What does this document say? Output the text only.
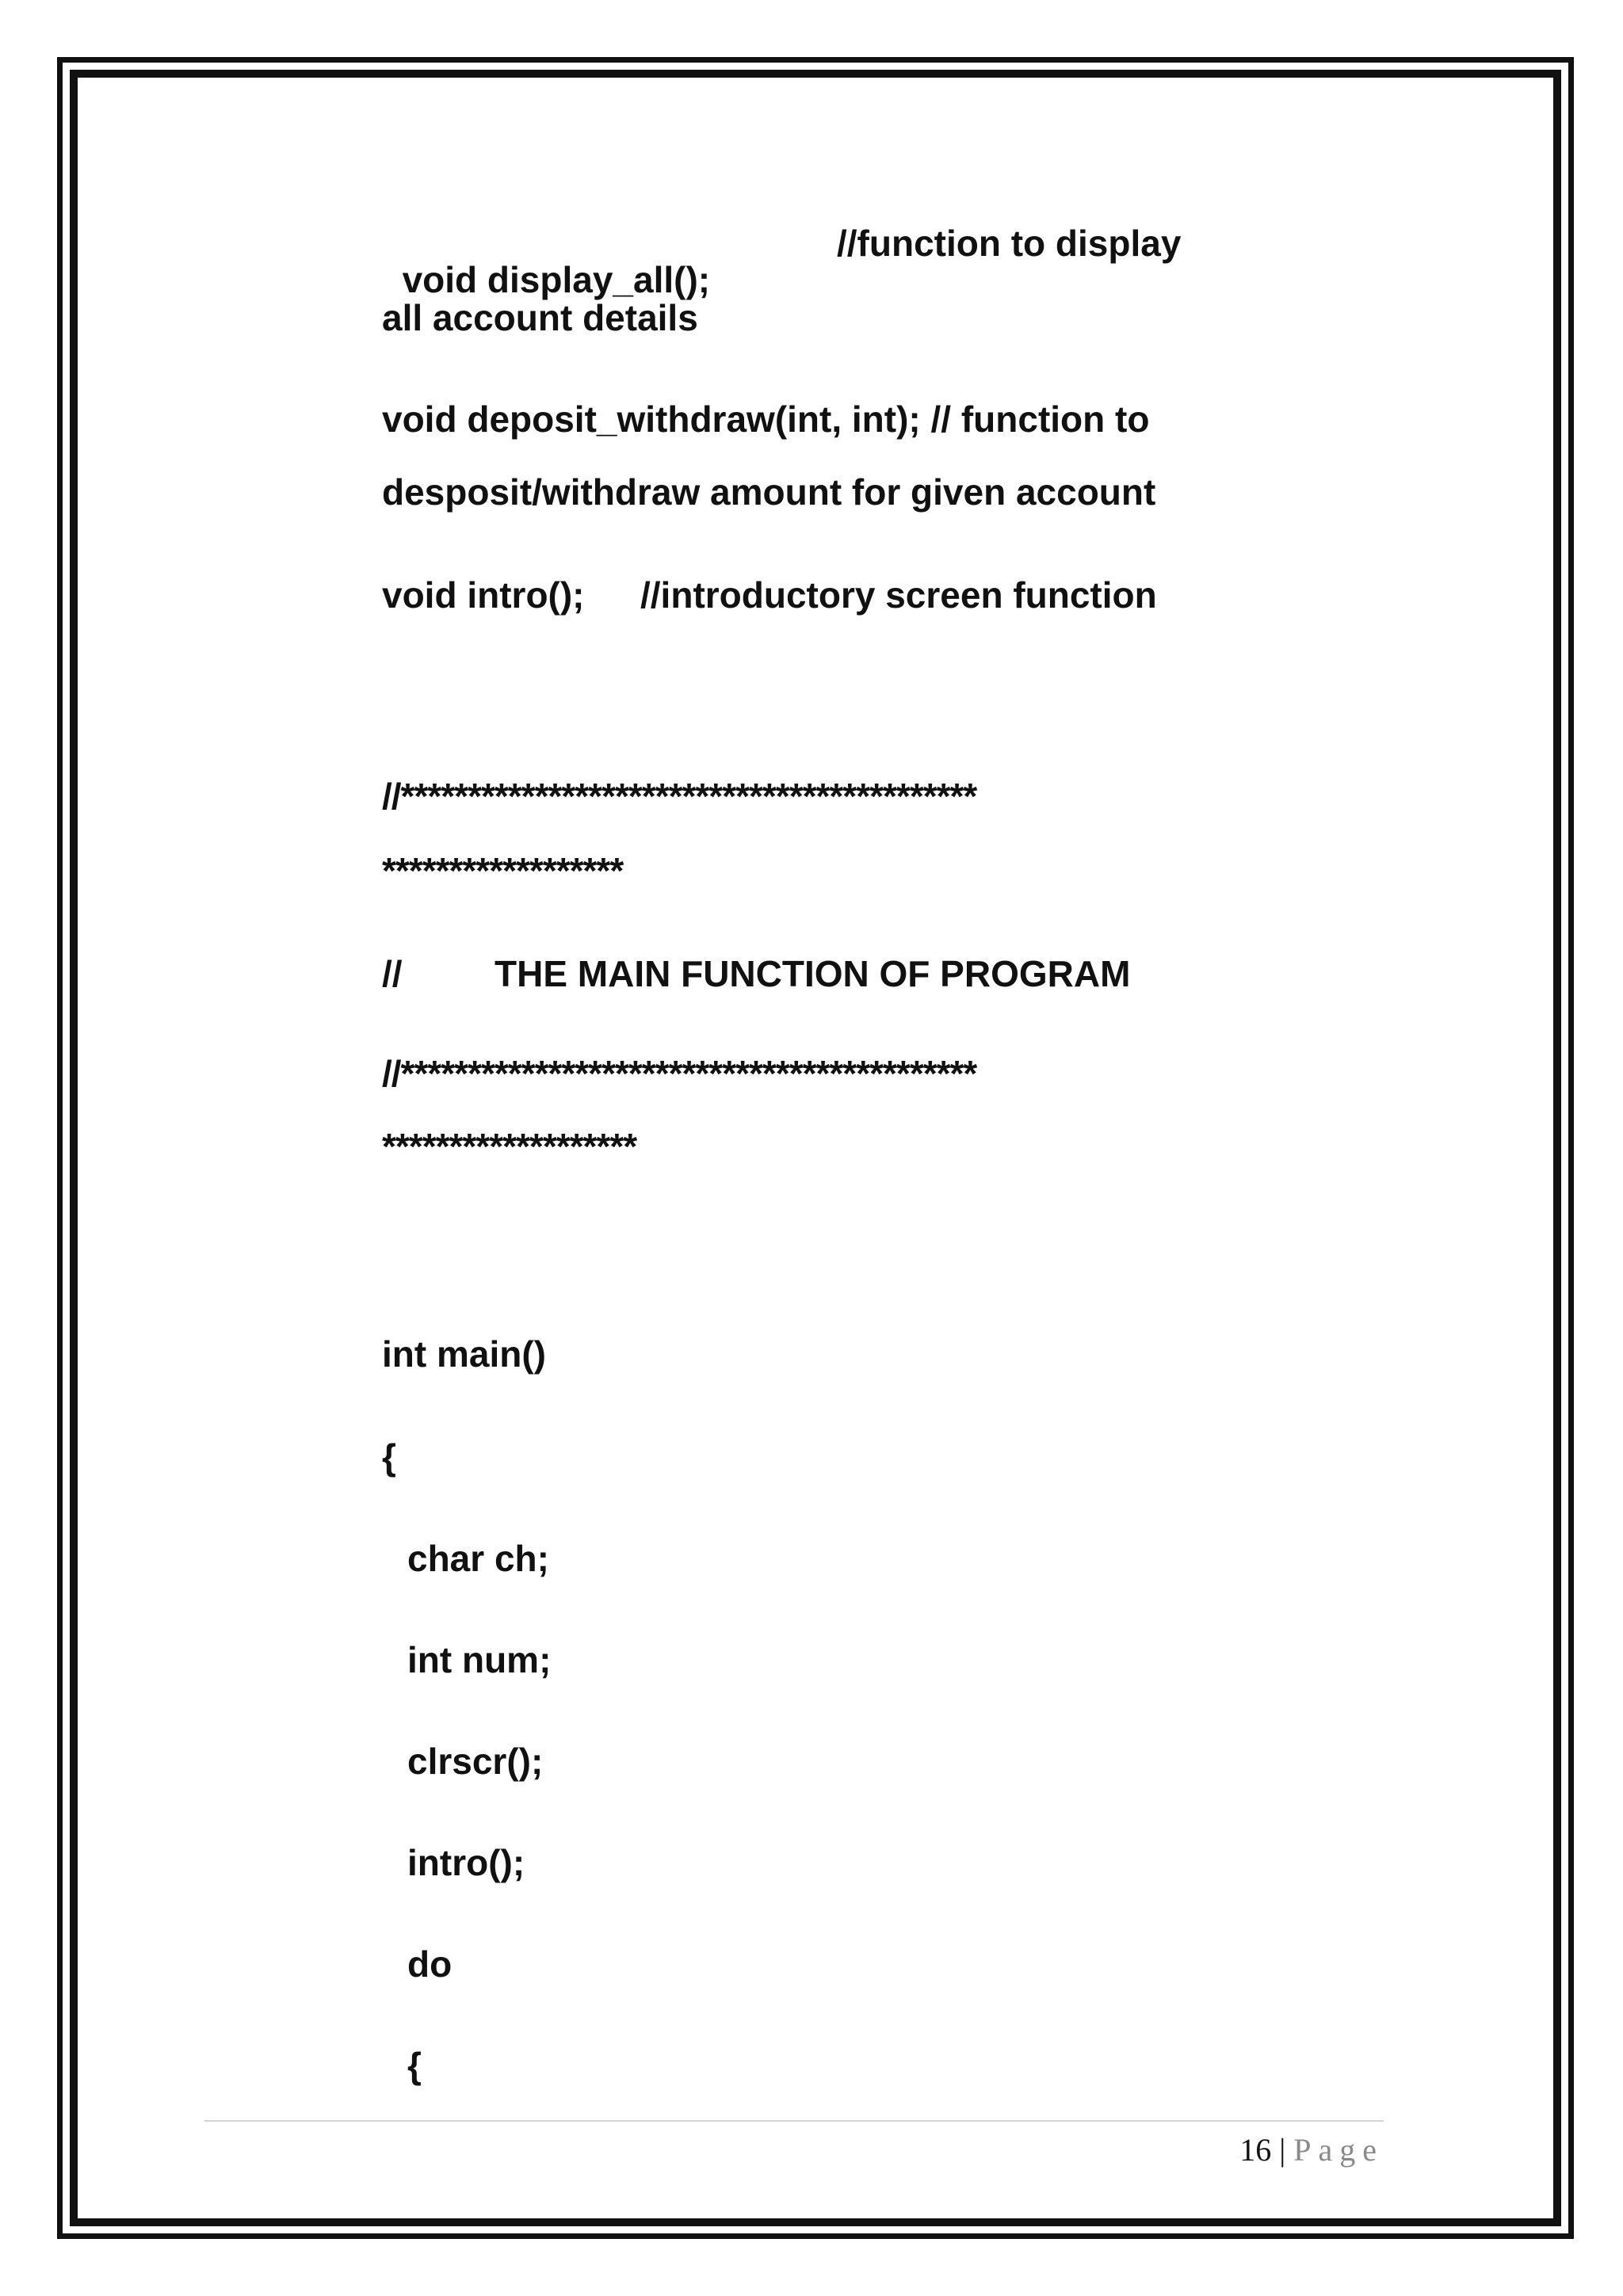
void display_all();

//function to display
all account details
void deposit_withdraw(int, int); // function to
desposit/withdraw amount for given account
void intro(); //introductory screen function
//*******************************************
******************
//	THE MAIN FUNCTION OF PROGRAM
//*******************************************
*******************
int main()
{
char ch;
int num;
clrscr();
intro();
do
{
16 | Page
